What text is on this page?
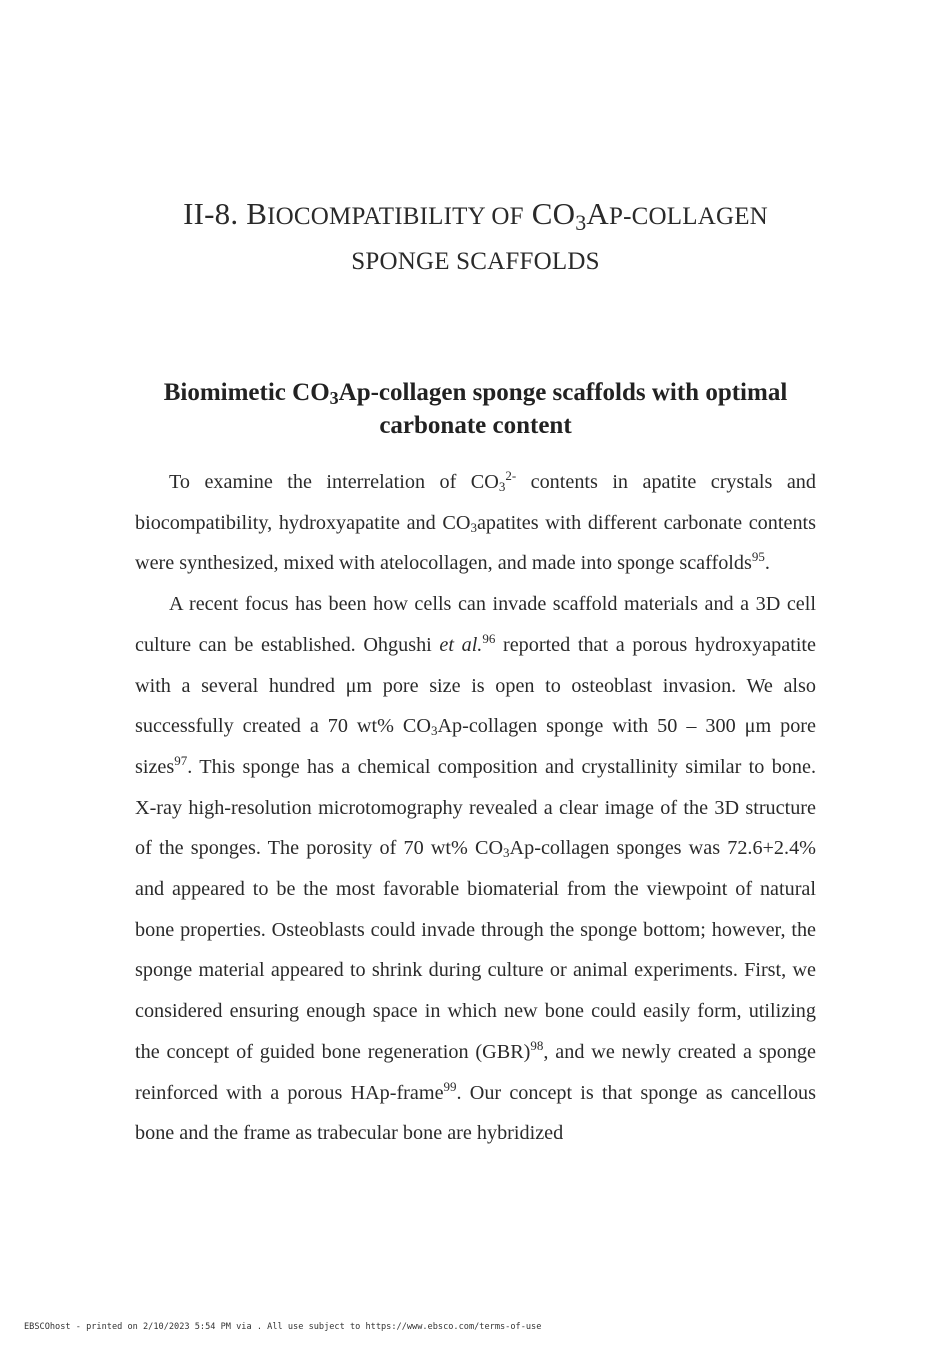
II-8. BIOCOMPATIBILITY OF CO3AP-COLLAGEN
SPONGE SCAFFOLDS
Biomimetic CO3Ap-collagen sponge scaffolds with optimal
carbonate content

To examine the interrelation of $CO_3^{2-}$ contents in apatite crystals and biocompatibility, hydroxyapatite and $CO_3apatites$ with different carbonate contents were synthesized, mixed with atelocollagen, and made into sponge scaffolds$^{95}$.

A recent focus has been how cells can invade scaffold materials and a 3D cell culture can be established. Ohgushi et al.$^{96}$ reported that a porous hydroxyapatite with a several hundred μm pore size is open to osteoblast invasion. We also successfully created a 70 wt% $CO_3Ap$-collagen sponge with 50 – 300 μm pore sizes$^{97}$. This sponge has a chemical composition and crystallinity similar to bone. X-ray high-resolution microtomography revealed a clear image of the 3D structure of the sponges. The porosity of 70 wt% $CO_3Ap$-collagen sponges was 72.6+2.4% and appeared to be the most favorable biomaterial from the viewpoint of natural bone properties. Osteoblasts could invade through the sponge bottom; however, the sponge material appeared to shrink during culture or animal experiments. First, we considered ensuring enough space in which new bone could easily form, utilizing the concept of guided bone regeneration (GBR)$^{98}$, and we newly created a sponge reinforced with a porous HAp-frame$^{99}$. Our concept is that sponge as cancellous bone and the frame as trabecular bone are hybridized

EBSCOhost - printed on 2/10/2023 5:54 PM via . All use subject to https://www.ebsco.com/terms-of-use
